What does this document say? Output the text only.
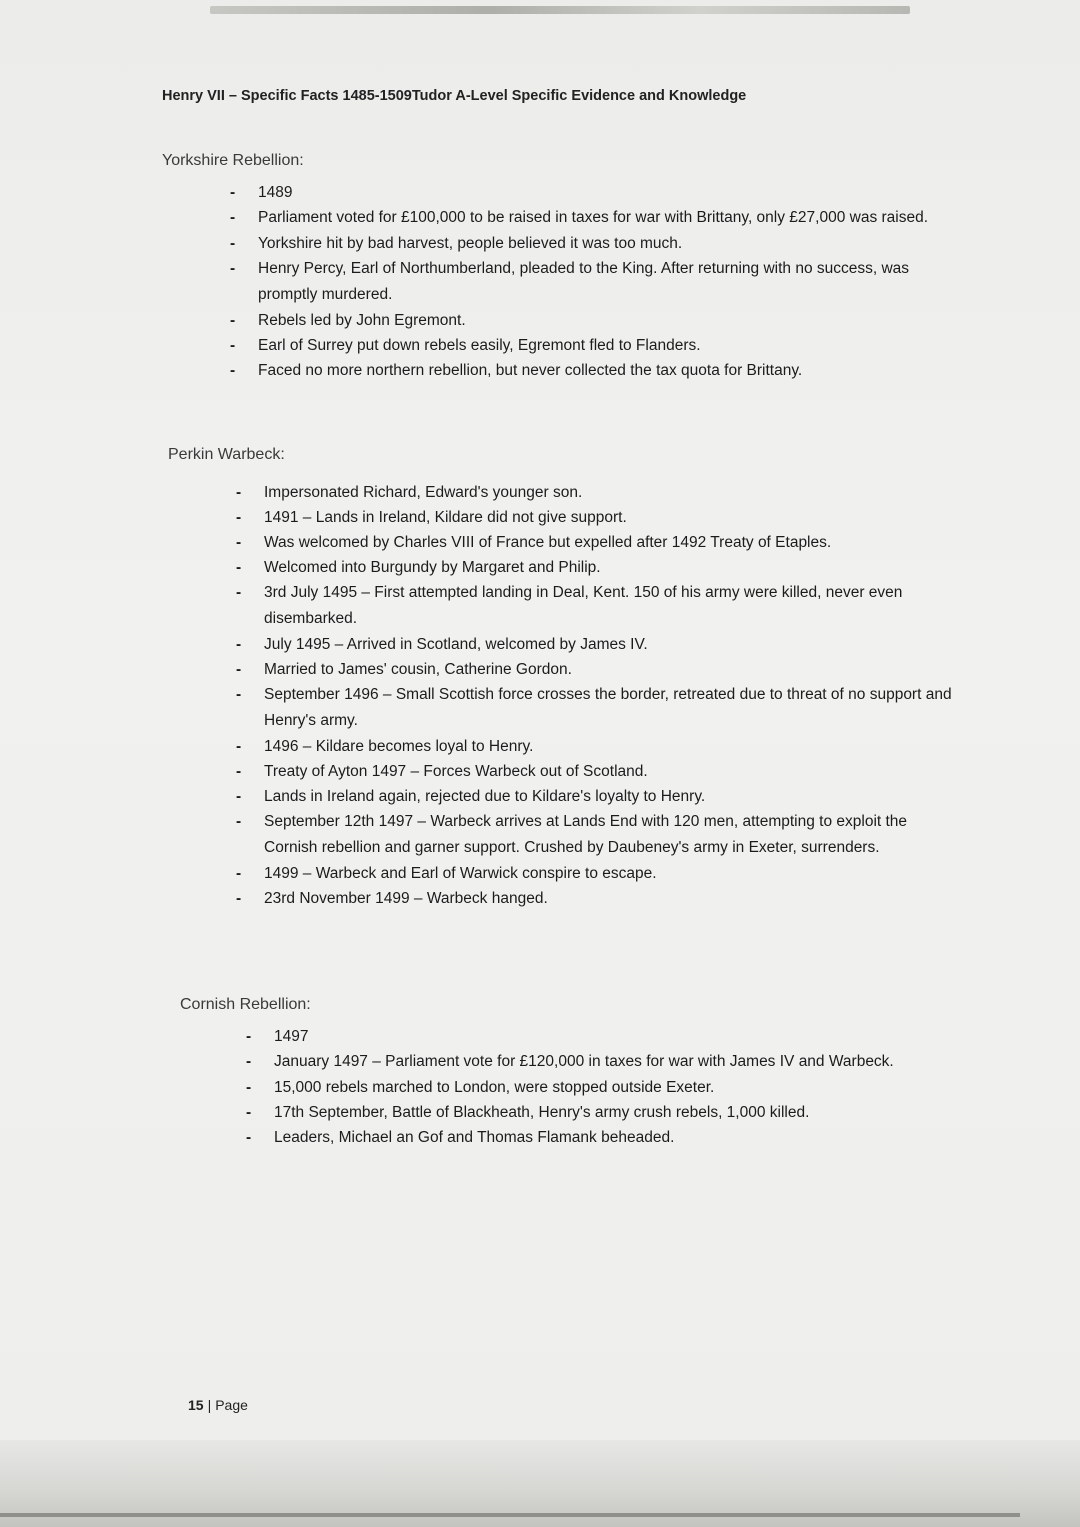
Henry VII – Specific Facts 1485-1509Tudor A-Level Specific Evidence and Knowledge
Yorkshire Rebellion:
- 1489
- Parliament voted for £100,000 to be raised in taxes for war with Brittany, only £27,000 was raised.
- Yorkshire hit by bad harvest, people believed it was too much.
- Henry Percy, Earl of Northumberland, pleaded to the King. After returning with no success, was promptly murdered.
- Rebels led by John Egremont.
- Earl of Surrey put down rebels easily, Egremont fled to Flanders.
- Faced no more northern rebellion, but never collected the tax quota for Brittany.
Perkin Warbeck:
- Impersonated Richard, Edward's younger son.
- 1491 – Lands in Ireland, Kildare did not give support.
- Was welcomed by Charles VIII of France but expelled after 1492 Treaty of Etaples.
- Welcomed into Burgundy by Margaret and Philip.
- 3rd July 1495 – First attempted landing in Deal, Kent. 150 of his army were killed, never even disembarked.
- July 1495 – Arrived in Scotland, welcomed by James IV.
- Married to James' cousin, Catherine Gordon.
- September 1496 – Small Scottish force crosses the border, retreated due to threat of no support and Henry's army.
- 1496 – Kildare becomes loyal to Henry.
- Treaty of Ayton 1497 – Forces Warbeck out of Scotland.
- Lands in Ireland again, rejected due to Kildare's loyalty to Henry.
- September 12th 1497 – Warbeck arrives at Lands End with 120 men, attempting to exploit the Cornish rebellion and garner support. Crushed by Daubeney's army in Exeter, surrenders.
- 1499 – Warbeck and Earl of Warwick conspire to escape.
- 23rd November 1499 – Warbeck hanged.
Cornish Rebellion:
- 1497
- January 1497 – Parliament vote for £120,000 in taxes for war with James IV and Warbeck.
- 15,000 rebels marched to London, were stopped outside Exeter.
- 17th September, Battle of Blackheath, Henry's army crush rebels, 1,000 killed.
- Leaders, Michael an Gof and Thomas Flamank beheaded.
15 | Page
